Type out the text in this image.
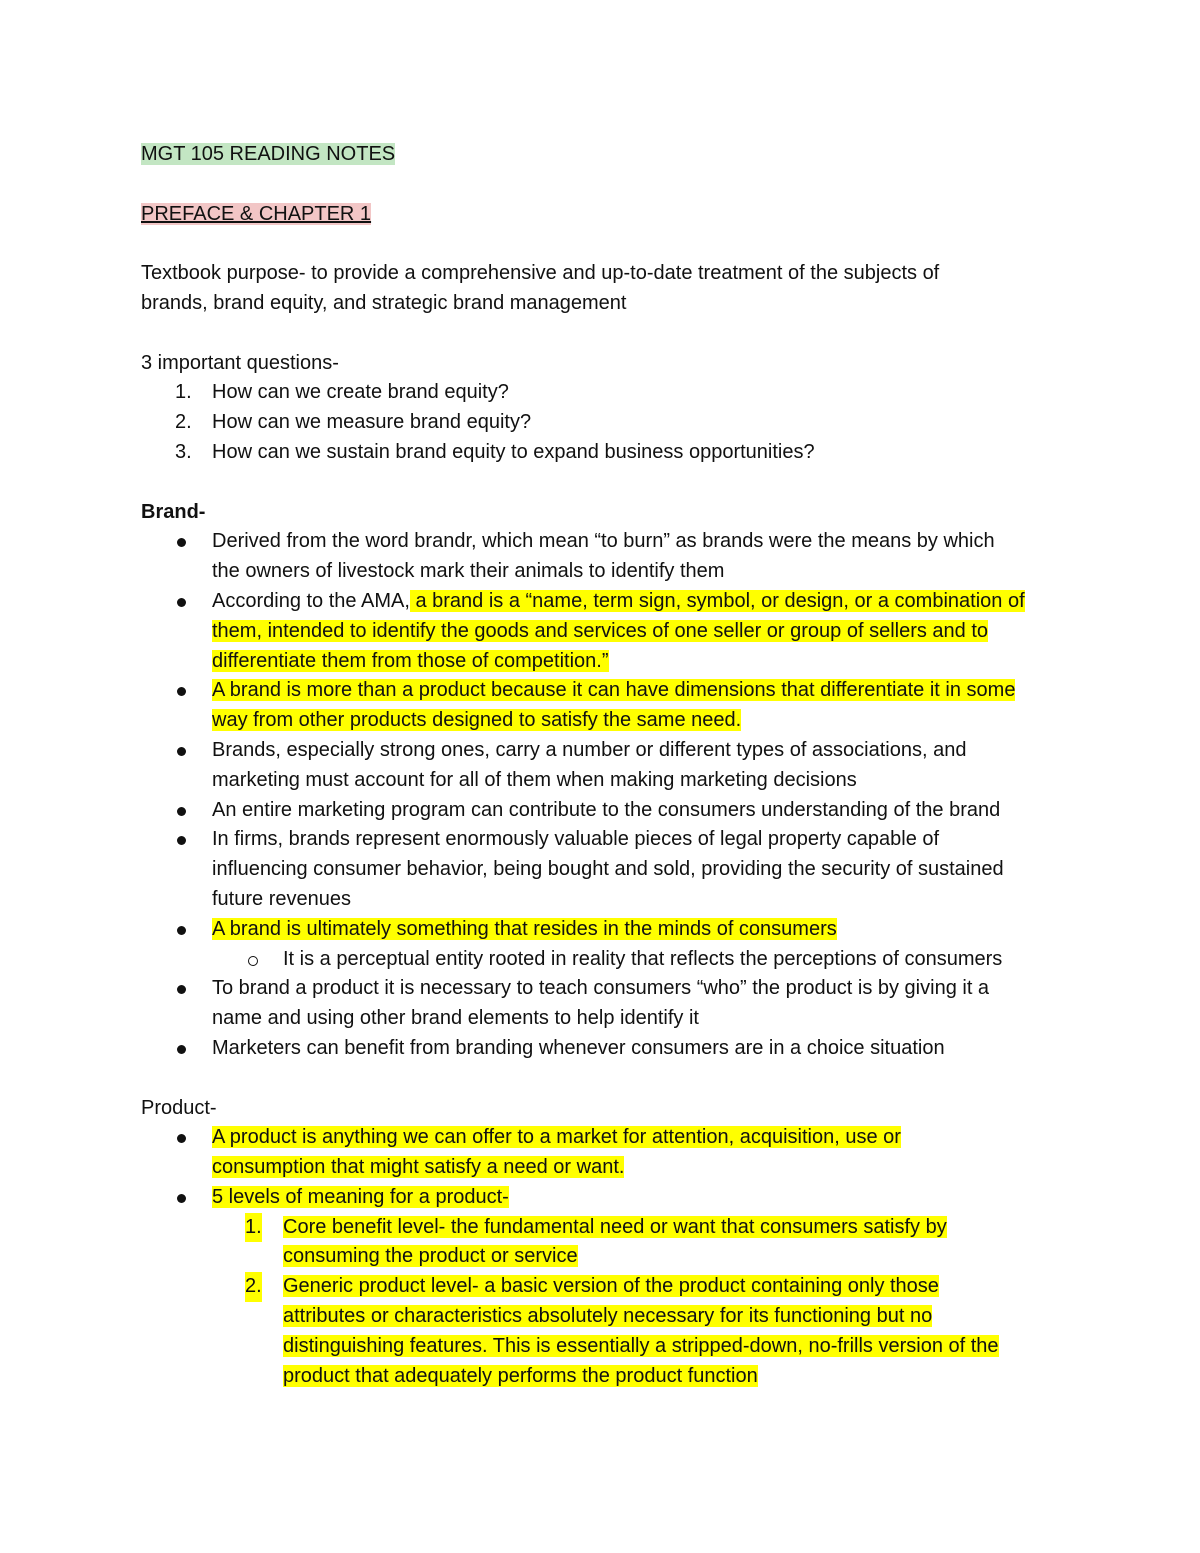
MGT 105 READING NOTES
PREFACE & CHAPTER 1
Textbook purpose- to provide a comprehensive and up-to-date treatment of the subjects of
brands, brand equity, and strategic brand management
3 important questions-
1.	How can we create brand equity?
2.	How can we measure brand equity?
3.	How can we sustain brand equity to expand business opportunities?
Brand-
Derived from the word brandr, which mean “to burn” as brands were the means by which
the owners of livestock mark their animals to identify them
According to the AMA, a brand is a “name, term sign, symbol, or design, or a combination of
them, intended to identify the goods and services of one seller or group of sellers and to
differentiate them from those of competition.”
A brand is more than a product because it can have dimensions that differentiate it in some
way from other products designed to satisfy the same need.
Brands, especially strong ones, carry a number or different types of associations, and
marketing must account for all of them when making marketing decisions
An entire marketing program can contribute to the consumers understanding of the brand
In firms, brands represent enormously valuable pieces of legal property capable of
influencing consumer behavior, being bought and sold, providing the security of sustained
future revenues
A brand is ultimately something that resides in the minds of consumers
It is a perceptual entity rooted in reality that reflects the perceptions of consumers
To brand a product it is necessary to teach consumers “who” the product is by giving it a
name and using other brand elements to help identify it
Marketers can benefit from branding whenever consumers are in a choice situation
Product-
A product is anything we can offer to a market for attention, acquisition, use or
consumption that might satisfy a need or want.
5 levels of meaning for a product-
1.	Core benefit level- the fundamental need or want that consumers satisfy by
consuming the product or service
2.	Generic product level- a basic version of the product containing only those
attributes or characteristics absolutely necessary for its functioning but no
distinguishing features. This is essentially a stripped-down, no-frills version of the
product that adequately performs the product function
